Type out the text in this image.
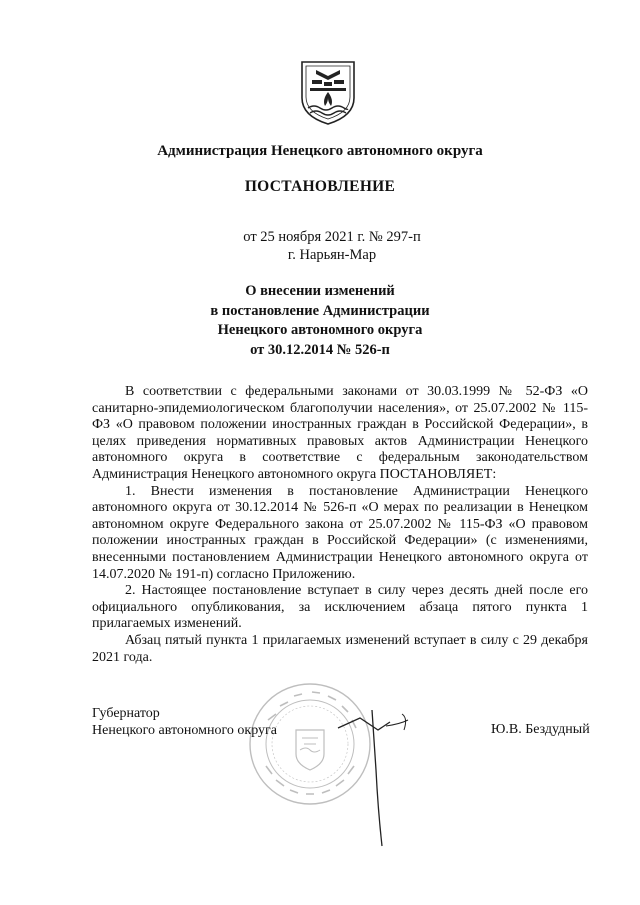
Администрация Ненецкого автономного округа
ПОСТАНОВЛЕНИЕ
от 25 ноября 2021 г. № 297-п
г. Нарьян-Мар
О внесении изменений
в постановление Администрации
Ненецкого автономного округа
от 30.12.2014 № 526-п

В соответствии с федеральными законами от 30.03.1999 № 52-ФЗ «О санитарно-эпидемиологическом благополучии населения», от 25.07.2002 № 115-ФЗ «О правовом положении иностранных граждан в Российской Федерации», в целях приведения нормативных правовых актов Администрации Ненецкого автономного округа в соответствие с федеральным законодательством Администрация Ненецкого автономного округа ПОСТАНОВЛЯЕТ:

1. Внести изменения в постановление Администрации Ненецкого автономного округа от 30.12.2014 № 526-п «О мерах по реализации в Ненецком автономном округе Федерального закона от 25.07.2002 № 115-ФЗ «О правовом положении иностранных граждан в Российской Федерации» (с изменениями, внесенными постановлением Администрации Ненецкого автономного округа от 14.07.2020 № 191-п) согласно Приложению.

2. Настоящее постановление вступает в силу через десять дней после его официального опубликования, за исключением абзаца пятого пункта 1 прилагаемых изменений.

Абзац пятый пункта 1 прилагаемых изменений вступает в силу с 29 декабря 2021 года.

Губернатор
Ненецкого автономного округа	Ю.В. Бездудный
